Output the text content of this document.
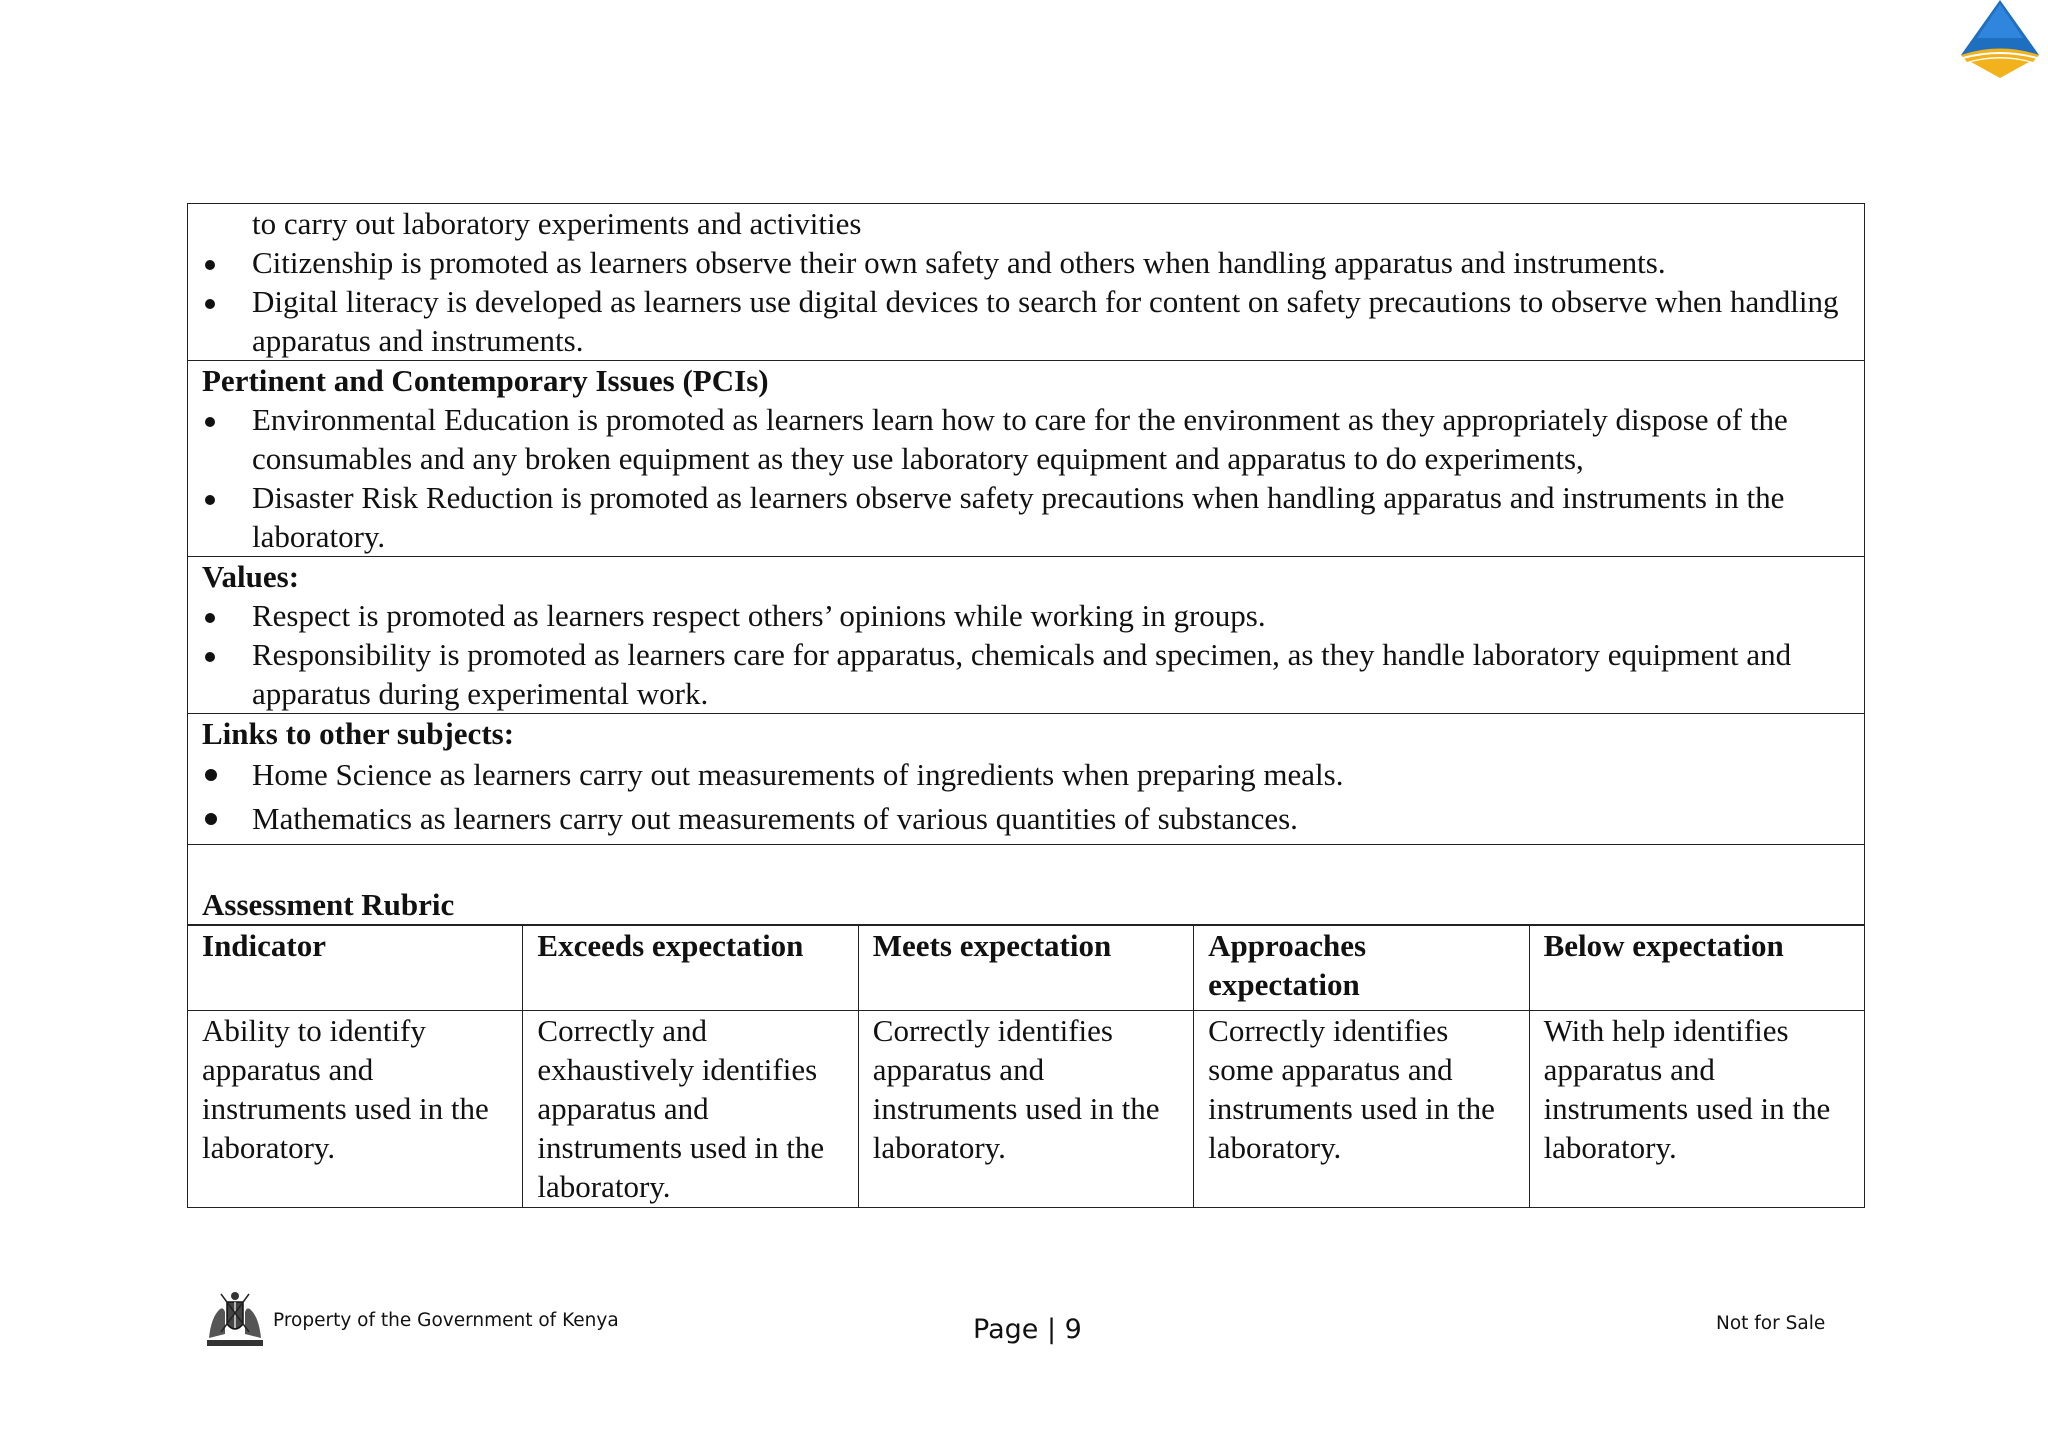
to carry out laboratory experiments and activities
Citizenship is promoted as learners observe their own safety and others when handling apparatus and instruments.
Digital literacy is developed as learners use digital devices to search for content on safety precautions to observe when handling apparatus and instruments.
Pertinent and Contemporary Issues (PCIs)
Environmental Education is promoted as learners learn how to care for the environment as they appropriately dispose of the consumables and any broken equipment as they use laboratory equipment and apparatus to do experiments,
Disaster Risk Reduction is promoted as learners observe safety precautions when handling apparatus and instruments in the laboratory.
Values:
Respect is promoted as learners respect others’ opinions while working in groups.
Responsibility is promoted as learners care for apparatus, chemicals and specimen, as they handle laboratory equipment and apparatus during experimental work.
Links to other subjects:
Home Science as learners carry out measurements of ingredients when preparing meals.
Mathematics as learners carry out measurements of various quantities of substances.
Assessment Rubric
Indicator	Exceeds expectation	Meets expectation	Approaches expectation	Below expectation
Ability to identify apparatus and instruments used in the laboratory.	Correctly and exhaustively identifies apparatus and instruments used in the laboratory.	Correctly identifies apparatus and instruments used in the laboratory.	Correctly identifies some apparatus and instruments used in the laboratory.	With help identifies apparatus and instruments used in the laboratory.
Property of the Government of Kenya	Page | 9	Not for Sale
